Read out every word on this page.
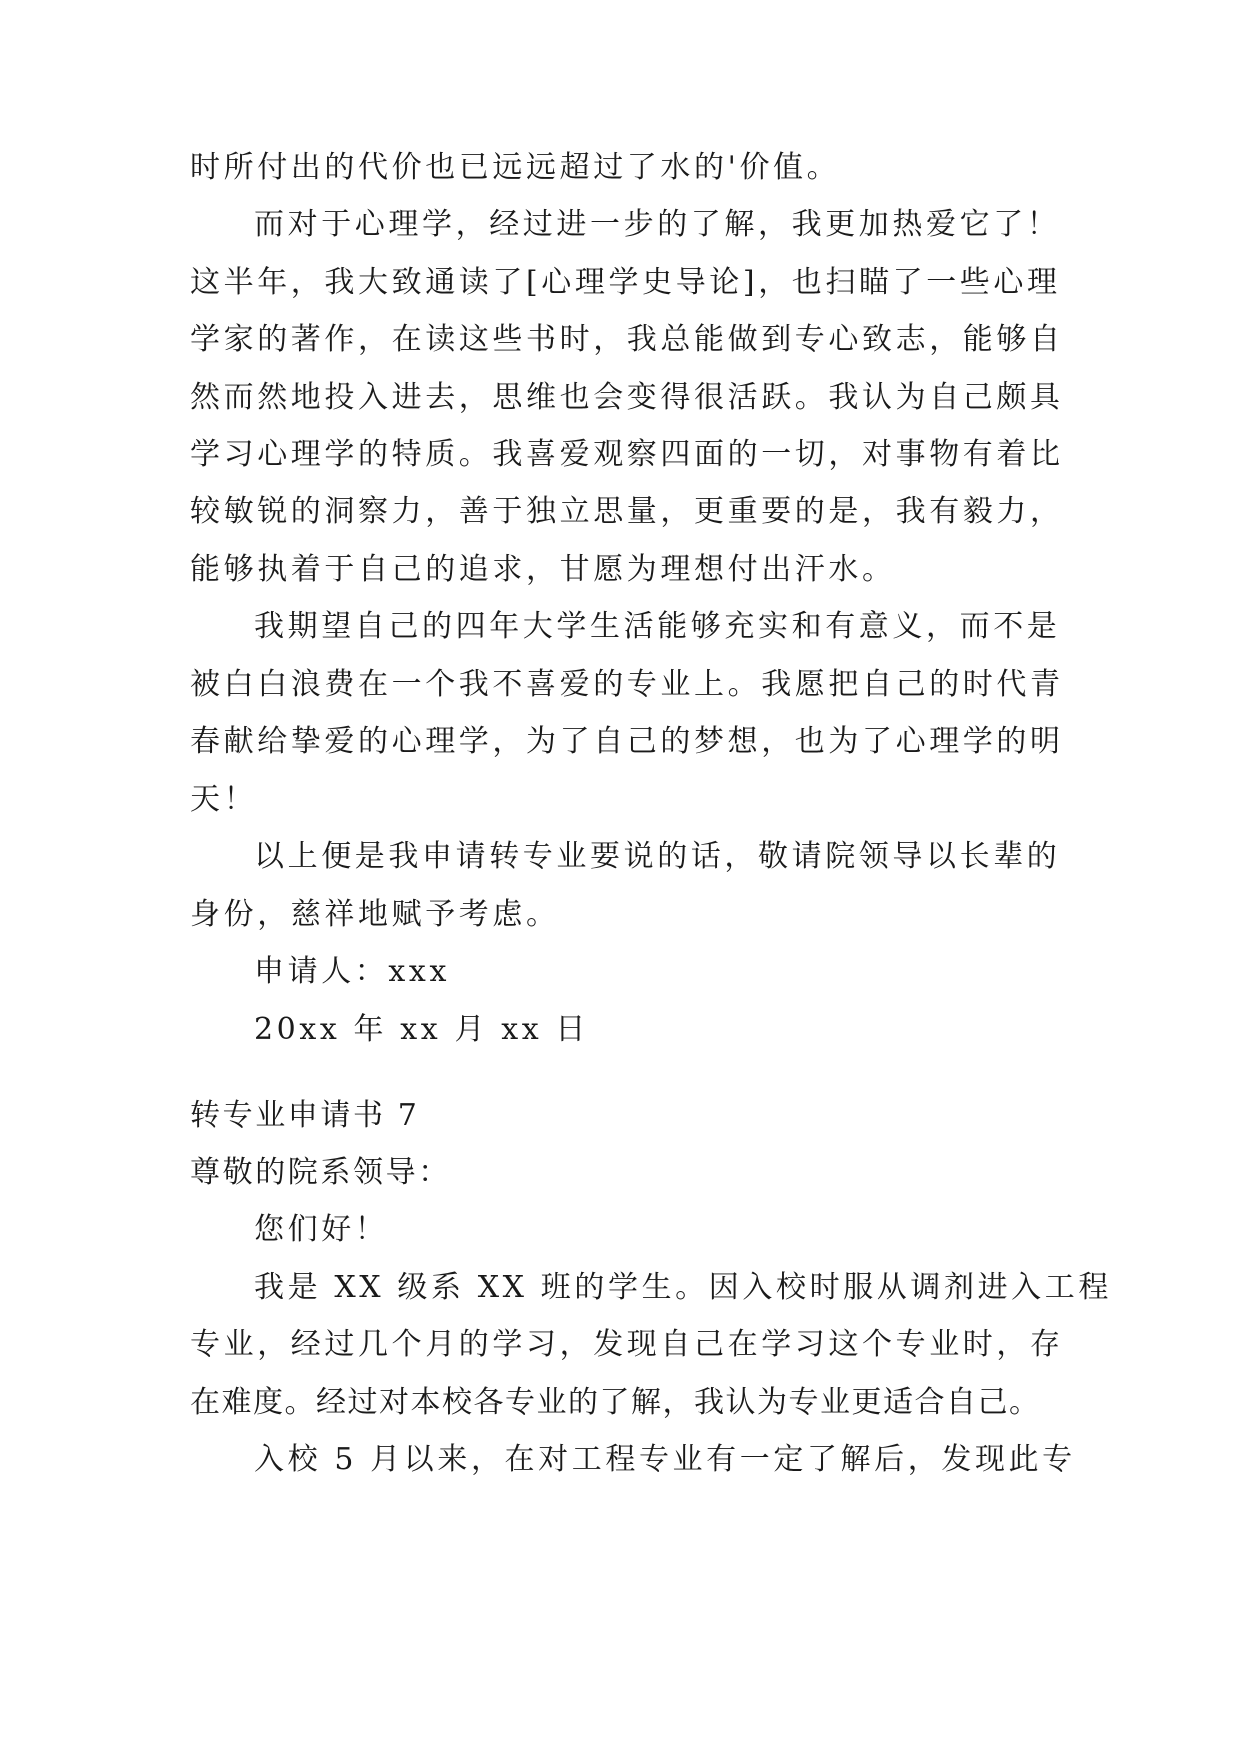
时所付出的代价也已远远超过了水的'价值。
而对于心理学，经过进一步的了解，我更加热爱它了！
这半年，我大致通读了[心理学史导论]，也扫瞄了一些心理
学家的著作，在读这些书时，我总能做到专心致志，能够自
然而然地投入进去，思维也会变得很活跃。我认为自己颇具
学习心理学的特质。我喜爱观察四面的一切，对事物有着比
较敏锐的洞察力，善于独立思量，更重要的是，我有毅力，
能够执着于自己的追求，甘愿为理想付出汗水。
我期望自己的四年大学生活能够充实和有意义，而不是
被白白浪费在一个我不喜爱的专业上。我愿把自己的时代青
春献给挚爱的心理学，为了自己的梦想，也为了心理学的明
天！
以上便是我申请转专业要说的话，敬请院领导以长辈的
身份，慈祥地赋予考虑。
申请人：xxx
20xx 年 xx 月 xx 日
转专业申请书 7
尊敬的院系领导：
您们好！
我是 XX 级系 XX 班的学生。因入校时服从调剂进入工程
专业，经过几个月的学习，发现自己在学习这个专业时，存
在难度。经过对本校各专业的了解，我认为专业更适合自己。
入校 5 月以来，在对工程专业有一定了解后，发现此专
